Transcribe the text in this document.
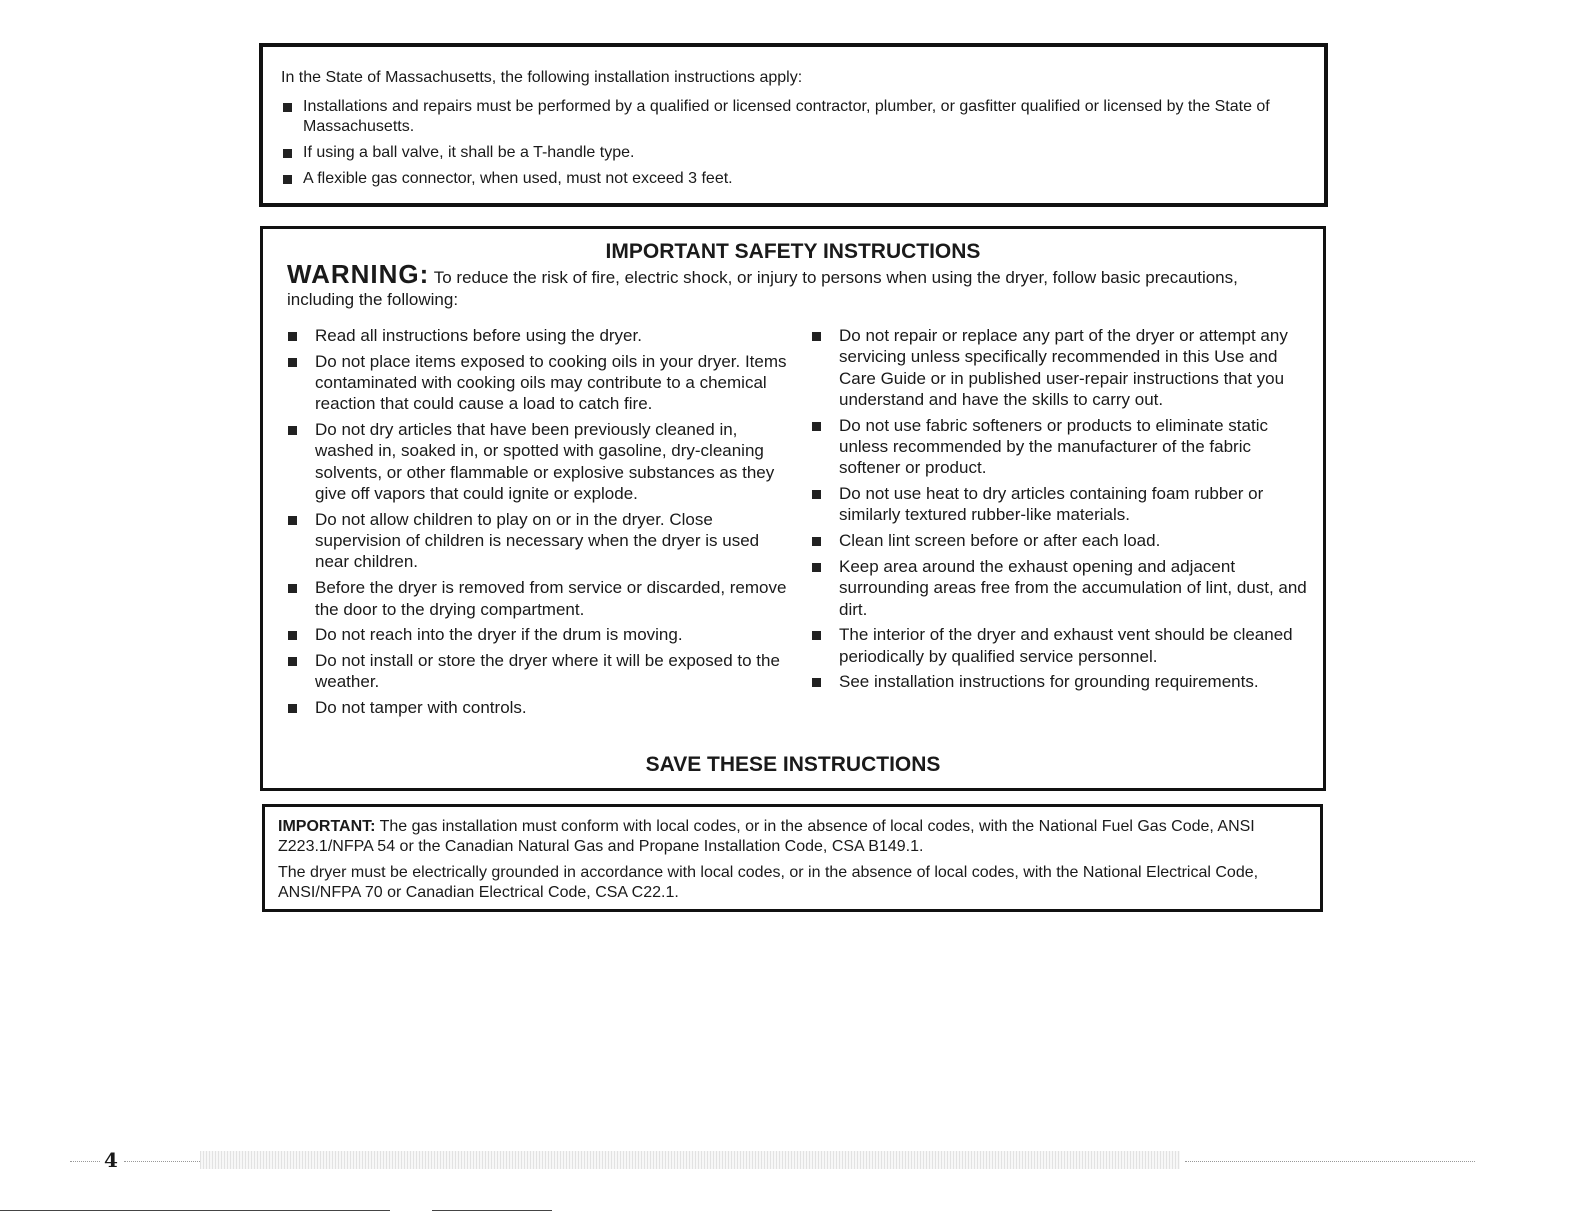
In the State of Massachusetts, the following installation instructions apply:

Installations and repairs must be performed by a qualified or licensed contractor, plumber, or gasfitter qualified or licensed by the State of Massachusetts.
If using a ball valve, it shall be a T-handle type.
A flexible gas connector, when used, must not exceed 3 feet.
IMPORTANT SAFETY INSTRUCTIONS
WARNING: To reduce the risk of fire, electric shock, or injury to persons when using the dryer, follow basic precautions, including the following:
Read all instructions before using the dryer.
Do not place items exposed to cooking oils in your dryer. Items contaminated with cooking oils may contribute to a chemical reaction that could cause a load to catch fire.
Do not dry articles that have been previously cleaned in, washed in, soaked in, or spotted with gasoline, dry-cleaning solvents, or other flammable or explosive substances as they give off vapors that could ignite or explode.
Do not allow children to play on or in the dryer. Close supervision of children is necessary when the dryer is used near children.
Before the dryer is removed from service or discarded, remove the door to the drying compartment.
Do not reach into the dryer if the drum is moving.
Do not install or store the dryer where it will be exposed to the weather.
Do not tamper with controls.
Do not repair or replace any part of the dryer or attempt any servicing unless specifically recommended in this Use and Care Guide or in published user-repair instructions that you understand and have the skills to carry out.
Do not use fabric softeners or products to eliminate static unless recommended by the manufacturer of the fabric softener or product.
Do not use heat to dry articles containing foam rubber or similarly textured rubber-like materials.
Clean lint screen before or after each load.
Keep area around the exhaust opening and adjacent surrounding areas free from the accumulation of lint, dust, and dirt.
The interior of the dryer and exhaust vent should be cleaned periodically by qualified service personnel.
See installation instructions for grounding requirements.
SAVE THESE INSTRUCTIONS

IMPORTANT: The gas installation must conform with local codes, or in the absence of local codes, with the National Fuel Gas Code, ANSI Z223.1/NFPA 54 or the Canadian Natural Gas and Propane Installation Code, CSA B149.1.

The dryer must be electrically grounded in accordance with local codes, or in the absence of local codes, with the National Electrical Code, ANSI/NFPA 70 or Canadian Electrical Code, CSA C22.1.

4
